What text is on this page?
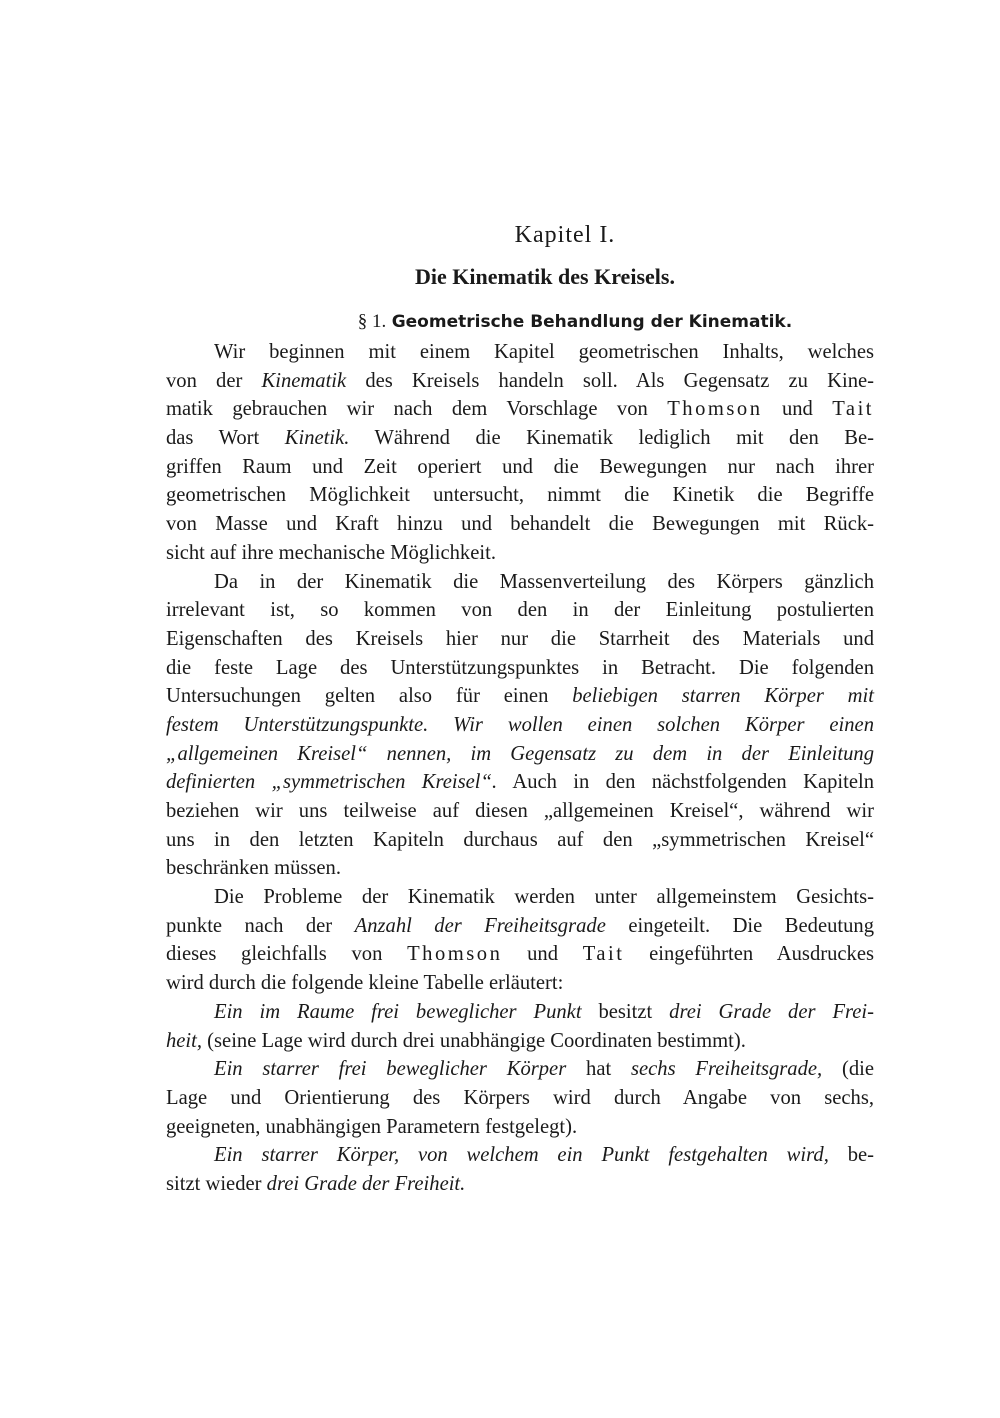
Kapitel I.
Die Kinematik des Kreisels.
§ 1. Geometrische Behandlung der Kinematik.
Wir beginnen mit einem Kapitel geometrischen Inhalts, welches
von der Kinematik des Kreisels handeln soll. Als Gegensatz zu Kine-
matik gebrauchen wir nach dem Vorschlage von Thomson und Tait
das Wort Kinetik. Während die Kinematik lediglich mit den Be-
griffen Raum und Zeit operiert und die Bewegungen nur nach ihrer
geometrischen Möglichkeit untersucht, nimmt die Kinetik die Begriffe
von Masse und Kraft hinzu und behandelt die Bewegungen mit Rück-
sicht auf ihre mechanische Möglichkeit.
Da in der Kinematik die Massenverteilung des Körpers gänzlich
irrelevant ist, so kommen von den in der Einleitung postulierten
Eigenschaften des Kreisels hier nur die Starrheit des Materials und
die feste Lage des Unterstützungspunktes in Betracht. Die folgenden
Untersuchungen gelten also für einen beliebigen starren Körper mit
festem Unterstützungspunkte. Wir wollen einen solchen Körper einen
„allgemeinen Kreisel“ nennen, im Gegensatz zu dem in der Einleitung
definierten „symmetrischen Kreisel“. Auch in den nächstfolgenden Kapiteln
beziehen wir uns teilweise auf diesen „allgemeinen Kreisel“, während wir
uns in den letzten Kapiteln durchaus auf den „symmetrischen Kreisel“
beschränken müssen.
Die Probleme der Kinematik werden unter allgemeinstem Gesichts-
punkte nach der Anzahl der Freiheitsgrade eingeteilt. Die Bedeutung
dieses gleichfalls von Thomson und Tait eingeführten Ausdruckes
wird durch die folgende kleine Tabelle erläutert:
Ein im Raume frei beweglicher Punkt besitzt drei Grade der Frei-
heit, (seine Lage wird durch drei unabhängige Coordinaten bestimmt).
Ein starrer frei beweglicher Körper hat sechs Freiheitsgrade, (die
Lage und Orientierung des Körpers wird durch Angabe von sechs,
geeigneten, unabhängigen Parametern festgelegt).
Ein starrer Körper, von welchem ein Punkt festgehalten wird, be-
sitzt wieder drei Grade der Freiheit.
